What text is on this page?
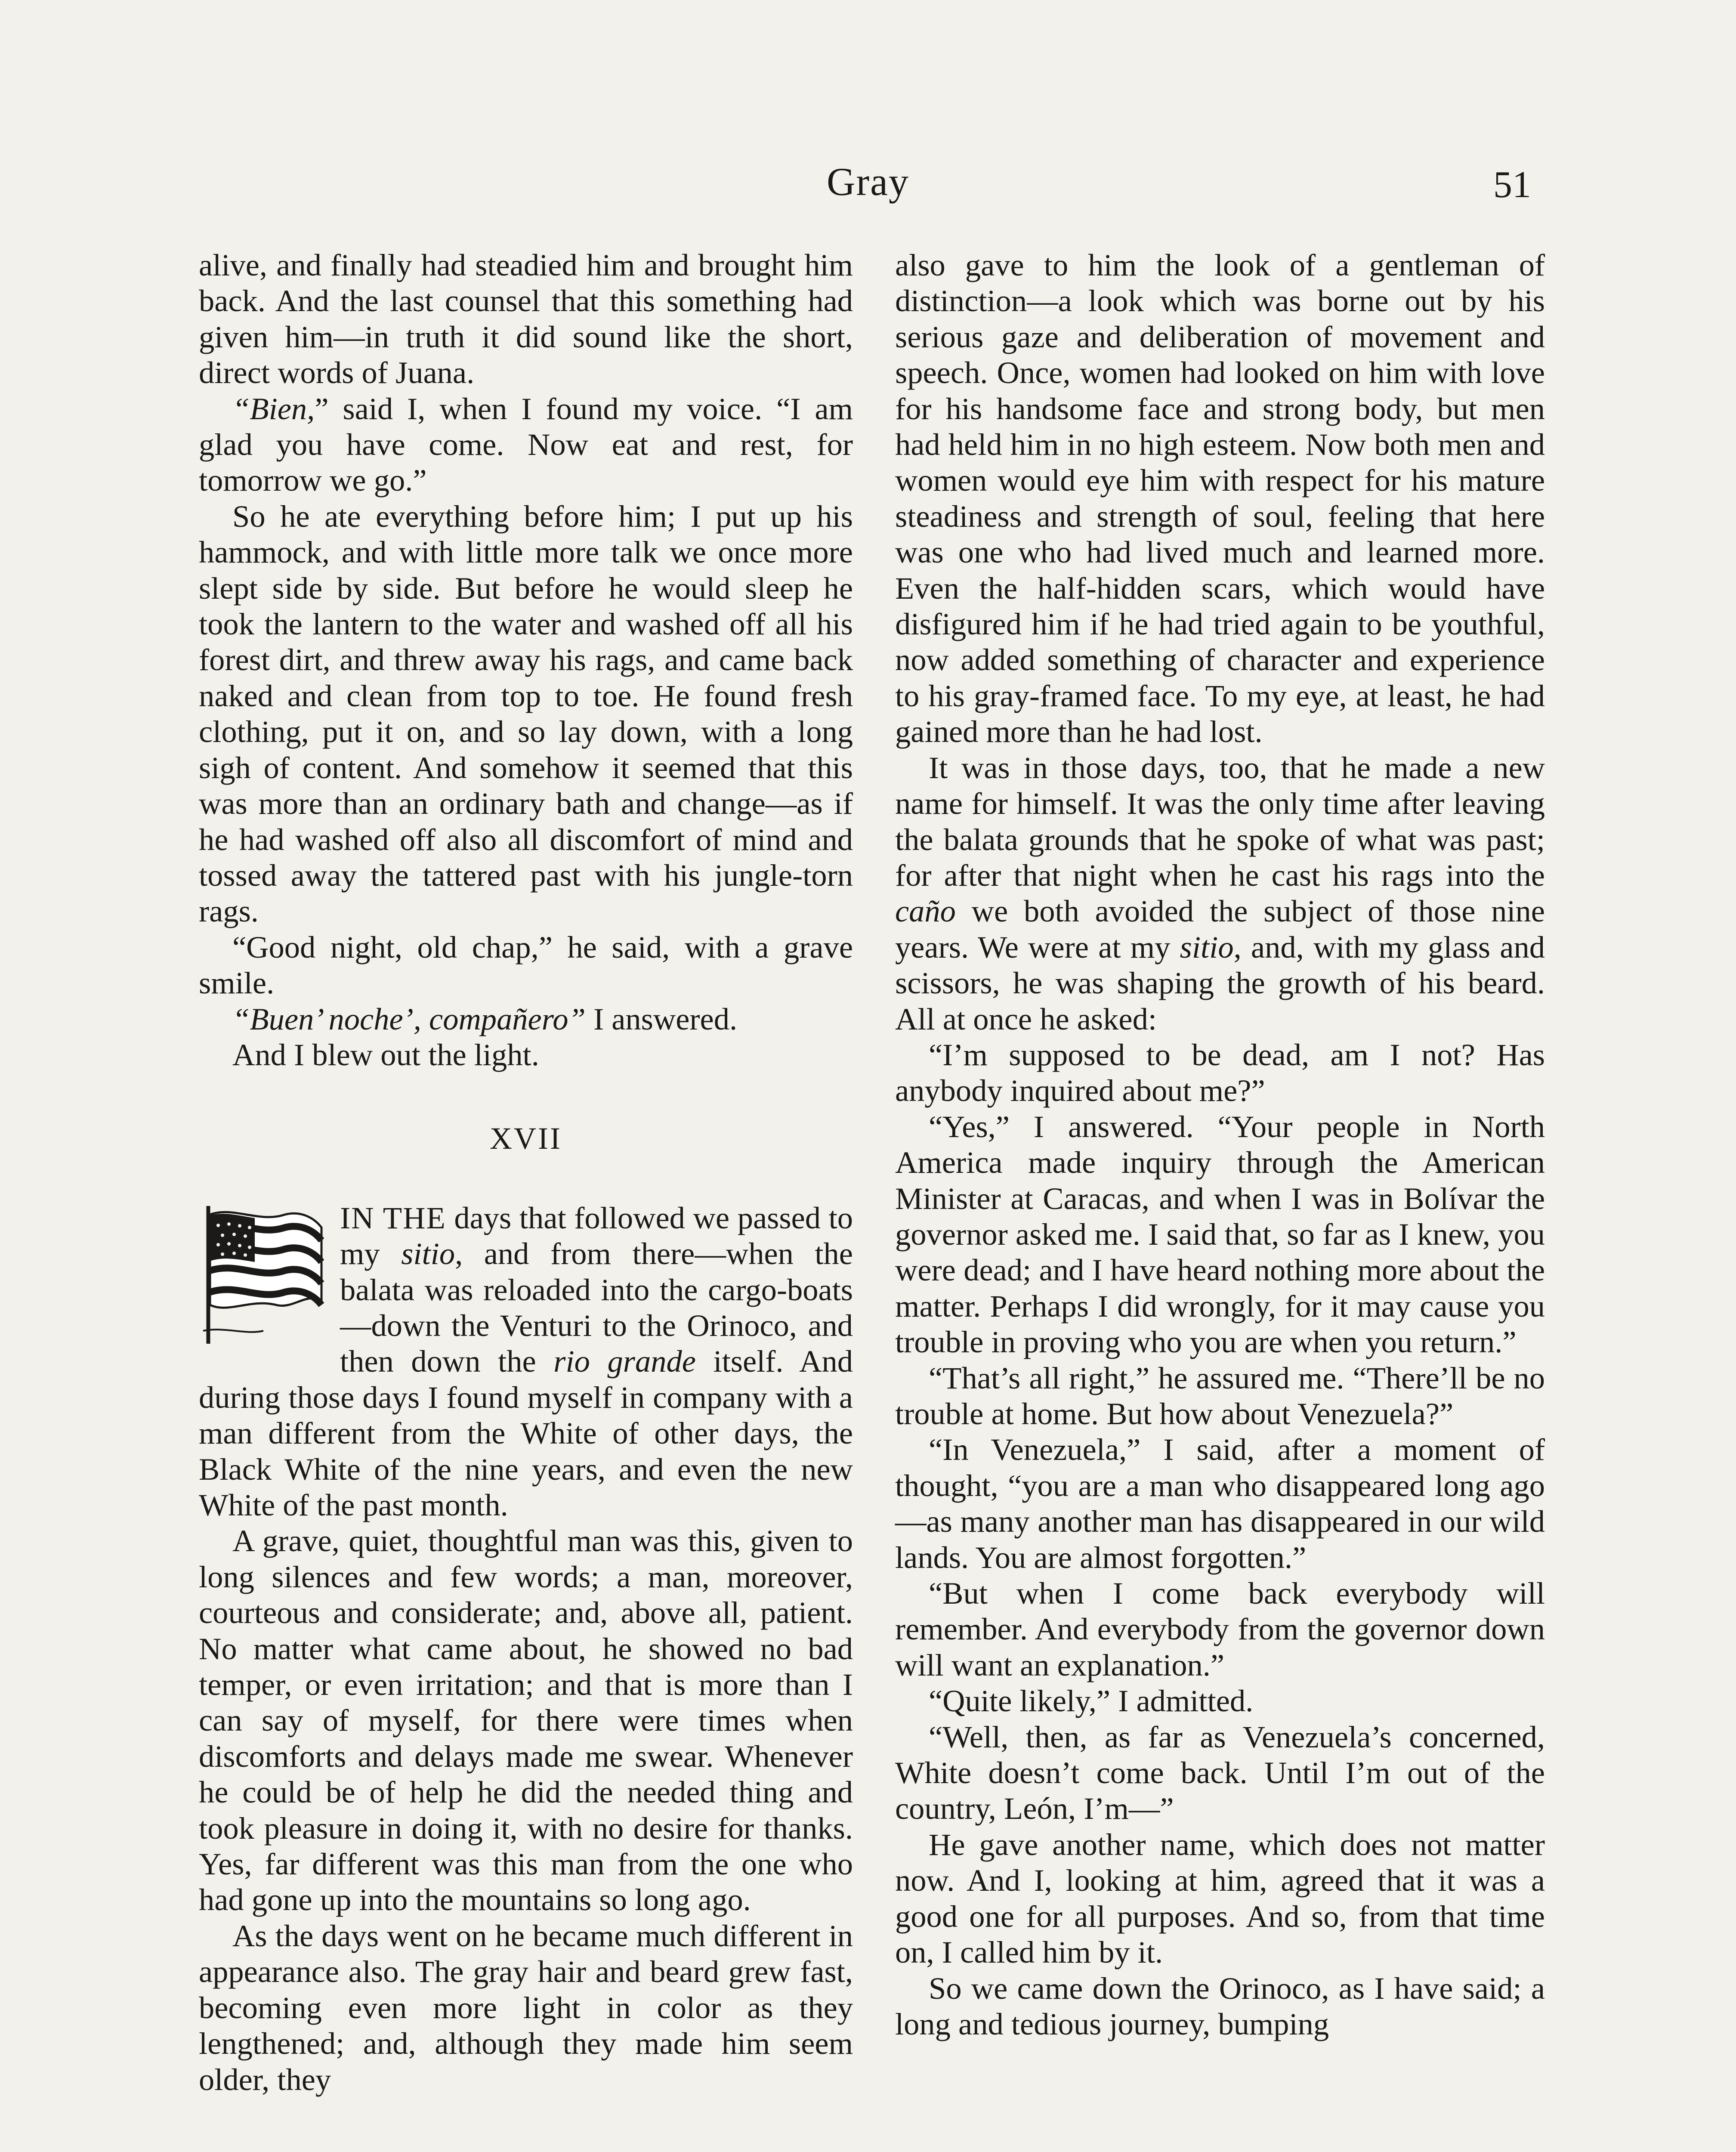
Gray	51

alive, and finally had steadied him and brought him back. And the last counsel that this something had given him—in truth it did sound like the short, direct words of Juana.

“Bien,” said I, when I found my voice. “I am glad you have come. Now eat and rest, for tomorrow we go.”

So he ate everything before him; I put up his hammock, and with little more talk we once more slept side by side. But before he would sleep he took the lantern to the water and washed off all his forest dirt, and threw away his rags, and came back naked and clean from top to toe. He found fresh clothing, put it on, and so lay down, with a long sigh of content. And somehow it seemed that this was more than an ordinary bath and change—as if he had washed off also all discomfort of mind and tossed away the tattered past with his jungle-torn rags.

“Good night, old chap,” he said, with a grave smile.

“Buen’ noche’, compañero” I answered.

And I blew out the light.

XVII

IN THE days that followed we passed to my sitio, and from there—when the balata was reloaded into the cargo-boats—down the Venturi to the Orinoco, and then down the rio grande itself. And during those days I found myself in company with a man different from the White of other days, the Black White of the nine years, and even the new White of the past month.

A grave, quiet, thoughtful man was this, given to long silences and few words; a man, moreover, courteous and considerate; and, above all, patient. No matter what came about, he showed no bad temper, or even irritation; and that is more than I can say of myself, for there were times when discomforts and delays made me swear. Whenever he could be of help he did the needed thing and took pleasure in doing it, with no desire for thanks. Yes, far different was this man from the one who had gone up into the mountains so long ago.

As the days went on he became much different in appearance also. The gray hair and beard grew fast, becoming even more light in color as they lengthened; and, although they made him seem older, they

also gave to him the look of a gentleman of distinction—a look which was borne out by his serious gaze and deliberation of movement and speech. Once, women had looked on him with love for his handsome face and strong body, but men had held him in no high esteem. Now both men and women would eye him with respect for his mature steadiness and strength of soul, feeling that here was one who had lived much and learned more. Even the half-hidden scars, which would have disfigured him if he had tried again to be youthful, now added something of character and experience to his gray-framed face. To my eye, at least, he had gained more than he had lost.

It was in those days, too, that he made a new name for himself. It was the only time after leaving the balata grounds that he spoke of what was past; for after that night when he cast his rags into the caño we both avoided the subject of those nine years. We were at my sitio, and, with my glass and scissors, he was shaping the growth of his beard. All at once he asked:

“I’m supposed to be dead, am I not? Has anybody inquired about me?”

“Yes,” I answered. “Your people in North America made inquiry through the American Minister at Caracas, and when I was in Bolívar the governor asked me. I said that, so far as I knew, you were dead; and I have heard nothing more about the matter. Perhaps I did wrongly, for it may cause you trouble in proving who you are when you return.”

“That’s all right,” he assured me. “There’ll be no trouble at home. But how about Venezuela?”

“In Venezuela,” I said, after a moment of thought, “you are a man who disappeared long ago—as many another man has disappeared in our wild lands. You are almost forgotten.”

“But when I come back everybody will remember. And everybody from the governor down will want an explanation.”

“Quite likely,” I admitted.

“Well, then, as far as Venezuela’s concerned, White doesn’t come back. Until I’m out of the country, León, I’m—”

He gave another name, which does not matter now. And I, looking at him, agreed that it was a good one for all purposes. And so, from that time on, I called him by it.

So we came down the Orinoco, as I have said; a long and tedious journey, bumping
